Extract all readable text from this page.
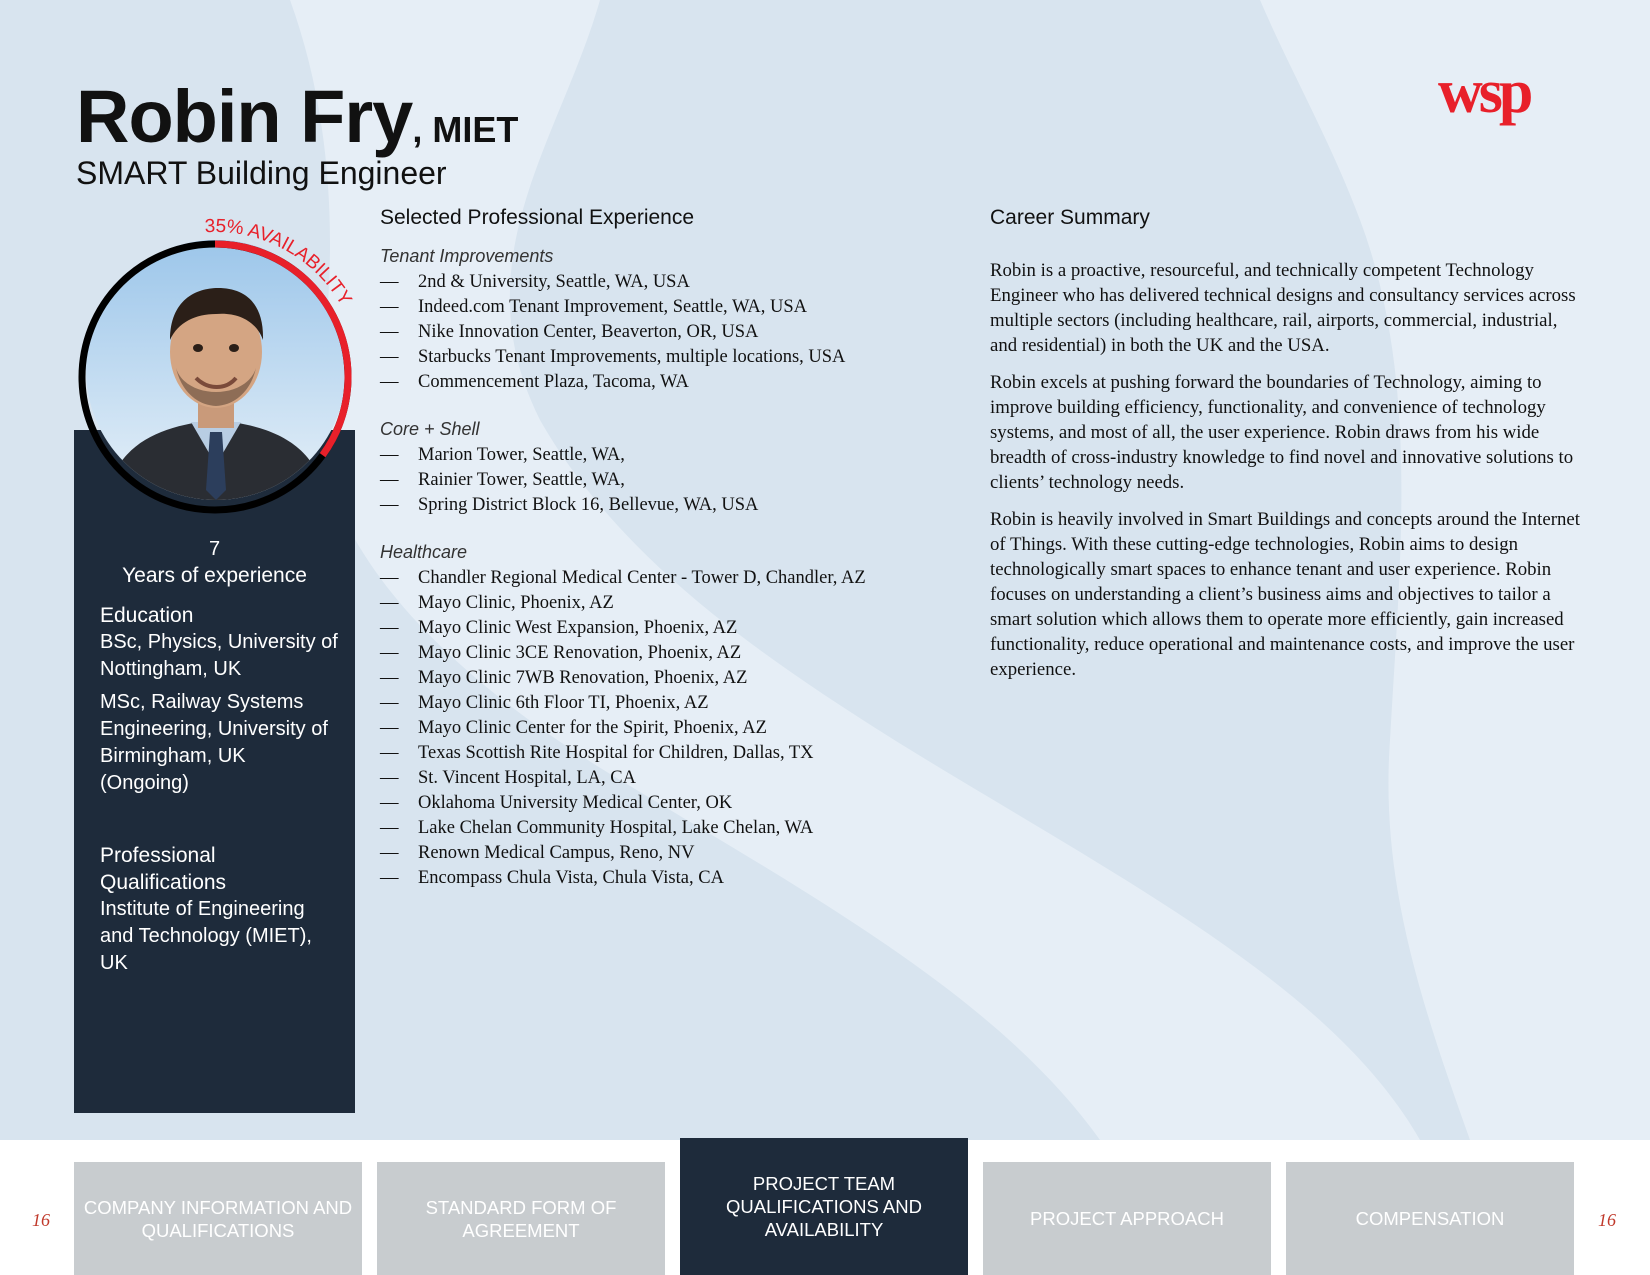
Robin Fry, MIET
SMART Building Engineer
wsp
7
Years of experience
Education
BSc, Physics, University of Nottingham, UK
MSc, Railway Systems Engineering, University of Birmingham, UK (Ongoing)
Professional Qualifications
Institute of Engineering and Technology (MIET), UK
35% AVAILABILITY
Selected Professional Experience
Tenant Improvements
— 2nd & University, Seattle, WA, USA
— Indeed.com Tenant Improvement, Seattle, WA, USA
— Nike Innovation Center, Beaverton, OR, USA
— Starbucks Tenant Improvements, multiple locations, USA
— Commencement Plaza, Tacoma, WA
Core + Shell
— Marion Tower, Seattle, WA,
— Rainier Tower, Seattle, WA,
— Spring District Block 16, Bellevue, WA, USA
Healthcare
— Chandler Regional Medical Center - Tower D, Chandler, AZ
— Mayo Clinic, Phoenix, AZ
— Mayo Clinic West Expansion, Phoenix, AZ
— Mayo Clinic 3CE Renovation, Phoenix, AZ
— Mayo Clinic 7WB Renovation, Phoenix, AZ
— Mayo Clinic 6th Floor TI, Phoenix, AZ
— Mayo Clinic Center for the Spirit, Phoenix, AZ
— Texas Scottish Rite Hospital for Children, Dallas, TX
— St. Vincent Hospital, LA, CA
— Oklahoma University Medical Center, OK
— Lake Chelan Community Hospital, Lake Chelan, WA
— Renown Medical Campus, Reno, NV
— Encompass Chula Vista, Chula Vista, CA
Career Summary

Robin is a proactive, resourceful, and technically competent Technology Engineer who has delivered technical designs and consultancy services across multiple sectors (including healthcare, rail, airports, commercial, industrial, and residential) in both the UK and the USA.

Robin excels at pushing forward the boundaries of Technology, aiming to improve building efficiency, functionality, and convenience of technology systems, and most of all, the user experience. Robin draws from his wide breadth of cross-industry knowledge to find novel and innovative solutions to clients’ technology needs.

Robin is heavily involved in Smart Buildings and concepts around the Internet of Things. With these cutting-edge technologies, Robin aims to design technologically smart spaces to enhance tenant and user experience. Robin focuses on understanding a client’s business aims and objectives to tailor a smart solution which allows them to operate more efficiently, gain increased functionality, reduce operational and maintenance costs, and improve the user experience.

16	16
COMPANY INFORMATION AND QUALIFICATIONS
STANDARD FORM OF AGREEMENT
PROJECT TEAM QUALIFICATIONS AND AVAILABILITY
PROJECT APPROACH	COMPENSATION
